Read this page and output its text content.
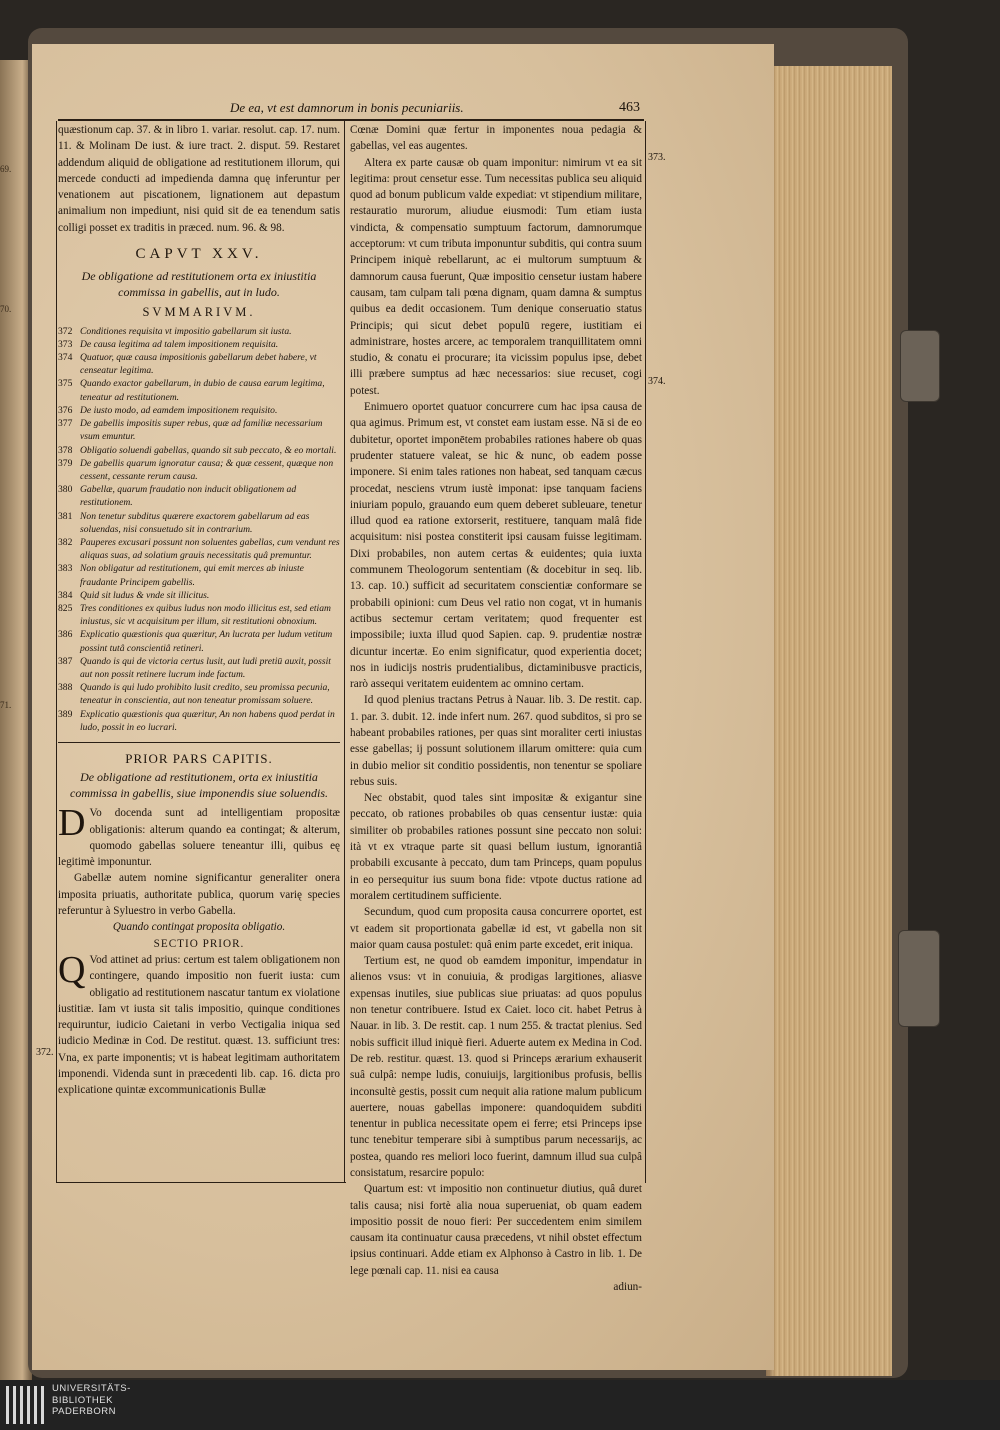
69.
70.
71.
De ea, vt est damnorum in bonis pecuniariis.	463

quæstionum cap. 37. & in libro 1. variar. resolut. cap. 17. num. 11. & Molinam De iust. & iure tract. 2. disput. 59. Restaret addendum aliquid de obligatione ad restitutionem illorum, qui mercede conducti ad impedienda damna quę inferuntur per venationem aut piscationem, lignationem aut depastum animalium non impediunt, nisi quid sit de ea tenendum satis colligi posset ex traditis in præced. num. 96. & 98.

CAPVT XXV.
De obligatione ad restitutionem orta ex iniustitia commissa in gabellis, aut in ludo.
SVMMARIVM.

372 Conditiones requisita vt impositio gabellarum sit iusta.

373 De causa legitima ad talem impositionem requisita.

374 Quatuor, quæ causa impositionis gabellarum debet habere, vt censeatur legitima.

375 Quando exactor gabellarum, in dubio de causa earum legitima, teneatur ad restitutionem.

376 De iusto modo, ad eamdem impositionem requisito.

377 De gabellis impositis super rebus, quæ ad familiæ necessarium vsum emuntur.

378 Obligatio soluendi gabellas, quando sit sub peccato, & eo mortali.

379 De gabellis quarum ignoratur causa; & quæ cessent, quæque non cessent, cessante rerum causa.

380 Gabellæ, quarum fraudatio non inducit obligationem ad restitutionem.

381 Non tenetur subditus quærere exactorem gabellarum ad eas soluendas, nisi consuetudo sit in contrarium.

382 Pauperes excusari possunt non soluentes gabellas, cum vendunt res aliquas suas, ad solatium grauis necessitatis quâ premuntur.

383 Non obligatur ad restitutionem, qui emit merces ab iniuste fraudante Principem gabellis.

384 Quid sit ludus & vnde sit illicitus.

825 Tres conditiones ex quibus ludus non modo illicitus est, sed etiam iniustus, sic vt acquisitum per illum, sit restitutioni obnoxium.

386 Explicatio quæstionis qua quæritur, An lucrata per ludum vetitum possint tutâ conscientiâ retineri.

387 Quando is qui de victoria certus lusit, aut ludi pretiū auxit, possit aut non possit retinere lucrum inde factum.

388 Quando is qui ludo prohibito lusit credito, seu promissa pecunia, teneatur in conscientia, aut non teneatur promissam soluere.

389 Explicatio quæstionis qua quæritur, An non habens quod perdat in ludo, possit in eo lucrari.

PRIOR PARS CAPITIS.
De obligatione ad restitutionem, orta ex iniustitia commissa in gabellis, siue imponendis siue soluendis.

D Vo docenda sunt ad intelligentiam propositæ obligationis: alterum quando ea contingat; & alterum, quomodo gabellas soluere teneantur illi, quibus eę legitimè imponuntur.

Gabellæ autem nomine significantur generaliter onera imposita priuatis, authoritate publica, quorum varię species referuntur à Syluestro in verbo Gabella.

Quando contingat proposita obligatio.

SECTIO PRIOR.

Q Vod attinet ad prius: certum est talem obligationem non contingere, quando impositio non fuerit iusta: cum obligatio ad restitutionem nascatur tantum ex violatione iustitiæ. Iam vt iusta sit talis impositio, quinque conditiones requiruntur, iudicio Caietani in verbo Vectigalia iniqua sed iudicio Medinæ in Cod. De restitut. quæst. 13. sufficiunt tres: Vna, ex parte imponentis; vt is habeat legitimam authoritatem imponendi. Videnda sunt in præcedenti lib. cap. 16. dicta pro explicatione quintæ excommunicationis Bullæ

372.

Cœnæ Domini quæ fertur in imponentes noua pedagia & gabellas, vel eas augentes.

Altera ex parte causæ ob quam imponitur: nimirum vt ea sit legitima: prout censetur esse. Tum necessitas publica seu aliquid quod ad bonum publicum valde expediat: vt stipendium militare, restauratio murorum, aliudue eiusmodi: Tum etiam iusta vindicta, & compensatio sumptuum factorum, damnorumque acceptorum: vt cum tributa imponuntur subditis, qui contra suum Principem iniquè rebellarunt, ac ei multorum sumptuum & damnorum causa fuerunt, Quæ impositio censetur iustam habere causam, tam culpam tali pœna dignam, quam damna & sumptus quibus ea dedit occasionem. Tum denique conseruatio status Principis; qui sicut debet populū regere, iustitiam ei administrare, hostes arcere, ac temporalem tranquillitatem omni studio, & conatu ei procurare; ita vicissim populus ipse, debet illi præbere sumptus ad hæc necessarios: siue recuset, cogi potest.

Enimuero oportet quatuor concurrere cum hac ipsa causa de qua agimus. Primum est, vt constet eam iustam esse. Nā si de eo dubitetur, oportet imponētem probabiles rationes habere ob quas prudenter statuere valeat, se hic & nunc, ob eadem posse imponere. Si enim tales rationes non habeat, sed tanquam cæcus procedat, nesciens vtrum iustè imponat: ipse tanquam faciens iniuriam populo, grauando eum quem deberet subleuare, tenetur illud quod ea ratione extorserit, restituere, tanquam malâ fide acquisitum: nisi postea constiterit ipsi causam fuisse legitimam. Dixi probabiles, non autem certas & euidentes; quia iuxta communem Theologorum sententiam (& docebitur in seq. lib. 13. cap. 10.) sufficit ad securitatem conscientiæ conformare se probabili opinioni: cum Deus vel ratio non cogat, vt in humanis actibus sectemur certam veritatem; quod frequenter est impossibile; iuxta illud quod Sapien. cap. 9. prudentiæ nostræ dicuntur incertæ. Eo enim significatur, quod experientia docet; nos in iudicijs nostris prudentialibus, dictaminibusve practicis, rarò assequi veritatem euidentem ac omnino certam.

Id quod plenius tractans Petrus à Nauar. lib. 3. De restit. cap. 1. par. 3. dubit. 12. inde infert num. 267. quod subditos, si pro se habeant probabiles rationes, per quas sint moraliter certi iniustas esse gabellas; ij possunt solutionem illarum omittere: quia cum in dubio melior sit conditio possidentis, non tenentur se spoliare rebus suis.

Nec obstabit, quod tales sint impositæ & exigantur sine peccato, ob rationes probabiles ob quas censentur iustæ: quia similiter ob probabiles rationes possunt sine peccato non solui: ità vt ex vtraque parte sit quasi bellum iustum, ignorantiâ probabili excusante à peccato, dum tam Princeps, quam populus in eo persequitur ius suum bona fide: vtpote ductus ratione ad moralem certitudinem sufficiente.

Secundum, quod cum proposita causa concurrere oportet, est vt eadem sit proportionata gabellæ id est, vt gabella non sit maior quam causa postulet: quâ enim parte excedet, erit iniqua.

Tertium est, ne quod ob eamdem imponitur, impendatur in alienos vsus: vt in conuiuia, & prodigas largitiones, aliasve expensas inutiles, siue publicas siue priuatas: ad quos populus non tenetur contribuere. Istud ex Caiet. loco cit. habet Petrus à Nauar. in lib. 3. De restit. cap. 1 num 255. & tractat plenius. Sed nobis sufficit illud iniquè fieri. Aduerte autem ex Medina in Cod. De reb. restitur. quæst. 13. quod si Princeps ærarium exhauserit suâ culpâ: nempe ludis, conuiuijs, largitionibus profusis, bellis inconsultè gestis, possit cum nequit alia ratione malum publicum auertere, nouas gabellas imponere: quandoquidem subditi tenentur in publica necessitate opem ei ferre; etsi Princeps ipse tunc tenebitur temperare sibi à sumptibus parum necessarijs, ac postea, quando res meliori loco fuerint, damnum illud sua culpâ consistatum, resarcire populo:

Quartum est: vt impositio non continuetur diutius, quâ duret talis causa; nisi fortè alia noua superueniat, ob quam eadem impositio possit de nouo fieri: Per succedentem enim similem causam ita continuatur causa præcedens, vt nihil obstet effectum ipsius continuari. Adde etiam ex Alphonso à Castro in lib. 1. De lege pœnali cap. 11. nisi ea causa

adiun-

373.
374.
UNIVERSITÄTS-
BIBLIOTHEK
PADERBORN
